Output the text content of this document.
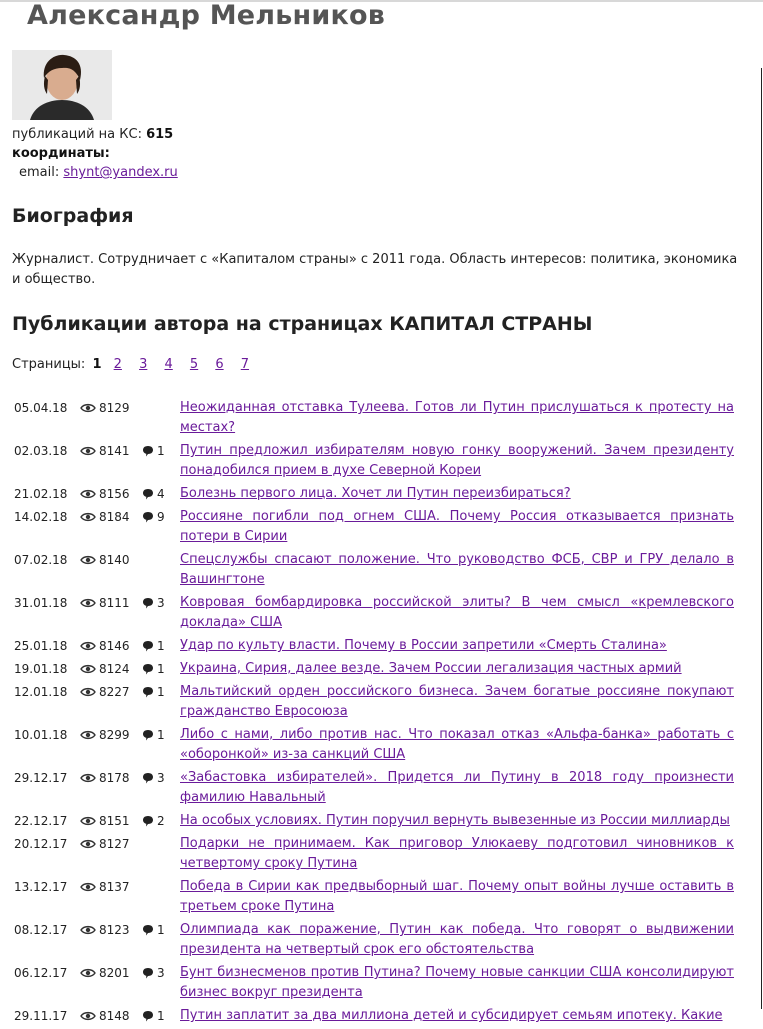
Александр Мельников
публикаций на КС: 615
координаты:
email: shynt@yandex.ru
Биография
Журналист. Сотрудничает с «Капиталом страны» с 2011 года. Область интересов: политика, экономика и общество.
Публикации автора на страницах КАПИТАЛ СТРАНЫ
Страницы: 1 2 3 4 5 6 7
05.04.18	8129	Неожиданная отставка Тулеева. Готов ли Путин прислушаться к протесту на местах?
02.03.18	8141 1 Путин предложил избирателям новую гонку вооружений. Зачем президенту понадобился прием в духе Северной Кореи
21.02.18	8156 4 Болезнь первого лица. Хочет ли Путин переизбираться?
14.02.18	8184 9 Россияне погибли под огнем США. Почему Россия отказывается признать потери в Сирии
07.02.18	8140	Спецслужбы спасают положение. Что руководство ФСБ, СВР и ГРУ делало в Вашингтоне
31.01.18	8111 3 Ковровая бомбардировка российской элиты? В чем смысл «кремлевского доклада» США
25.01.18	8146 1 Удар по культу власти. Почему в России запретили «Смерть Сталина»
19.01.18	8124 1 Украина, Сирия, далее везде. Зачем России легализация частных армий
12.01.18	8227 1 Мальтийский орден российского бизнеса. Зачем богатые россияне покупают гражданство Евросоюза
10.01.18	8299 1 Либо с нами, либо против нас. Что показал отказ «Альфа-банка» работать с «оборонкой» из-за санкций США
29.12.17	8178 3 «Забастовка избирателей». Придется ли Путину в 2018 году произнести фамилию Навальный
22.12.17	8151 2 На особых условиях. Путин поручил вернуть вывезенные из России миллиарды
20.12.17	8127	Подарки не принимаем. Как приговор Улюкаеву подготовил чиновников к четвертому сроку Путина
13.12.17	8137	Победа в Сирии как предвыборный шаг. Почему опыт войны лучше оставить в третьем сроке Путина
08.12.17	8123 1 Олимпиада как поражение, Путин как победа. Что говорят о выдвижении президента на четвертый срок его обстоятельства
06.12.17	8201 3 Бунт бизнесменов против Путина? Почему новые санкции США консолидируют бизнес вокруг президента
29.11.17	8148 1 Путин заплатит за два миллиона детей и субсидирует семьям ипотеку. Какие
